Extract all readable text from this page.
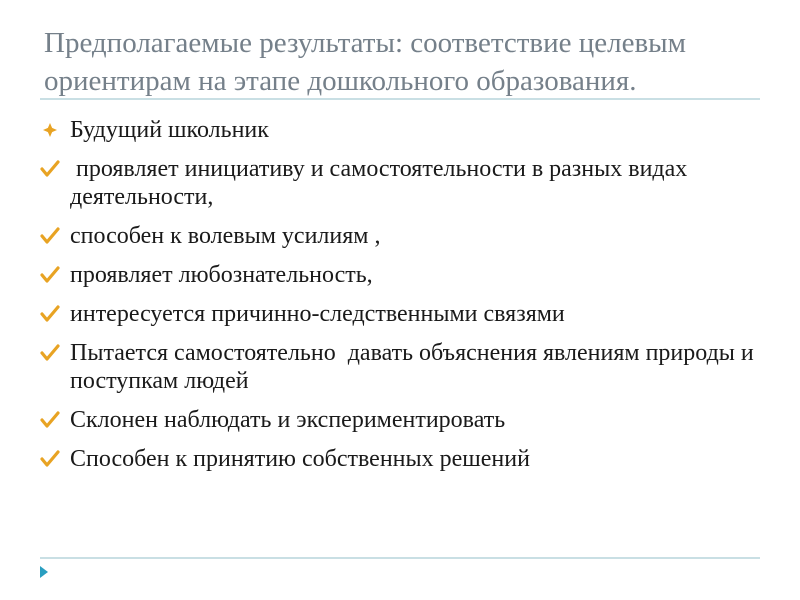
Предполагаемые результаты: соответствие целевым
ориентирам на этапе дошкольного образования.
Будущий школьник
проявляет инициативу и самостоятельности в разных видах деятельности,
способен к волевым усилиям ,
проявляет любознательность,
интересуется причинно-следственными связями
Пытается самостоятельно  давать объяснения явлениям природы и поступкам людей
Склонен наблюдать и экспериментировать
Способен к принятию собственных решений
